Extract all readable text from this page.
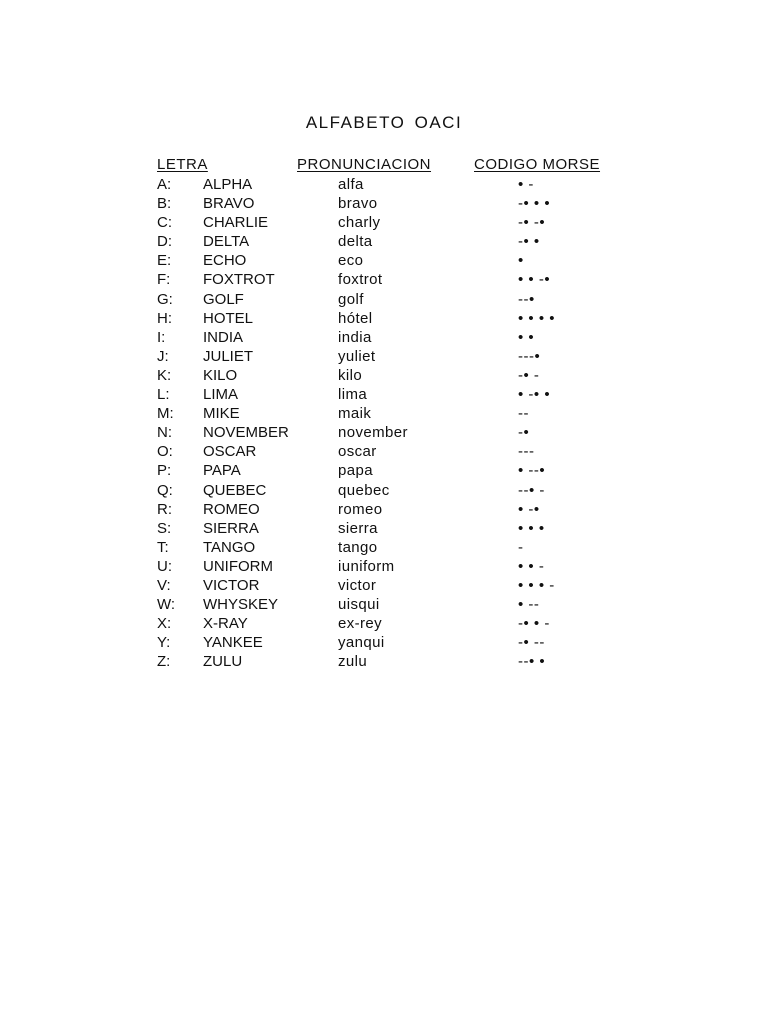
ALFABETO OACI
LETRA	PRONUNCIACION	CODIGO MORSE
A: ALPHA	alfa	• -
B: BRAVO	bravo	-• • •
C: CHARLIE	charly	-• -•
D: DELTA	delta	-• •
E: ECHO	eco	•
F: FOXTROT	foxtrot	• • -•
G: GOLF	golf	--•
H: HOTEL	hótel	• • • •
I:	INDIA	india	• •
J: JULIET	yuliet	---•
K: KILO	kilo	-• -
L: LIMA	lima	• -• •
M: MIKE	maik	--
N: NOVEMBER	november	-•
O: OSCAR	oscar	---
P: PAPA	papa	• --•
Q: QUEBEC	quebec	--• -
R: ROMEO	romeo	• -•
S: SIERRA	sierra	• • •
T: TANGO	tango	-
U: UNIFORM	iuniform	• • -
V: VICTOR	victor	• • • -
W: WHYSKEY	uisqui	• --
X: X-RAY	ex-rey	-• • -
Y: YANKEE	yanqui	-• --
Z: ZULU	zulu	--• •
